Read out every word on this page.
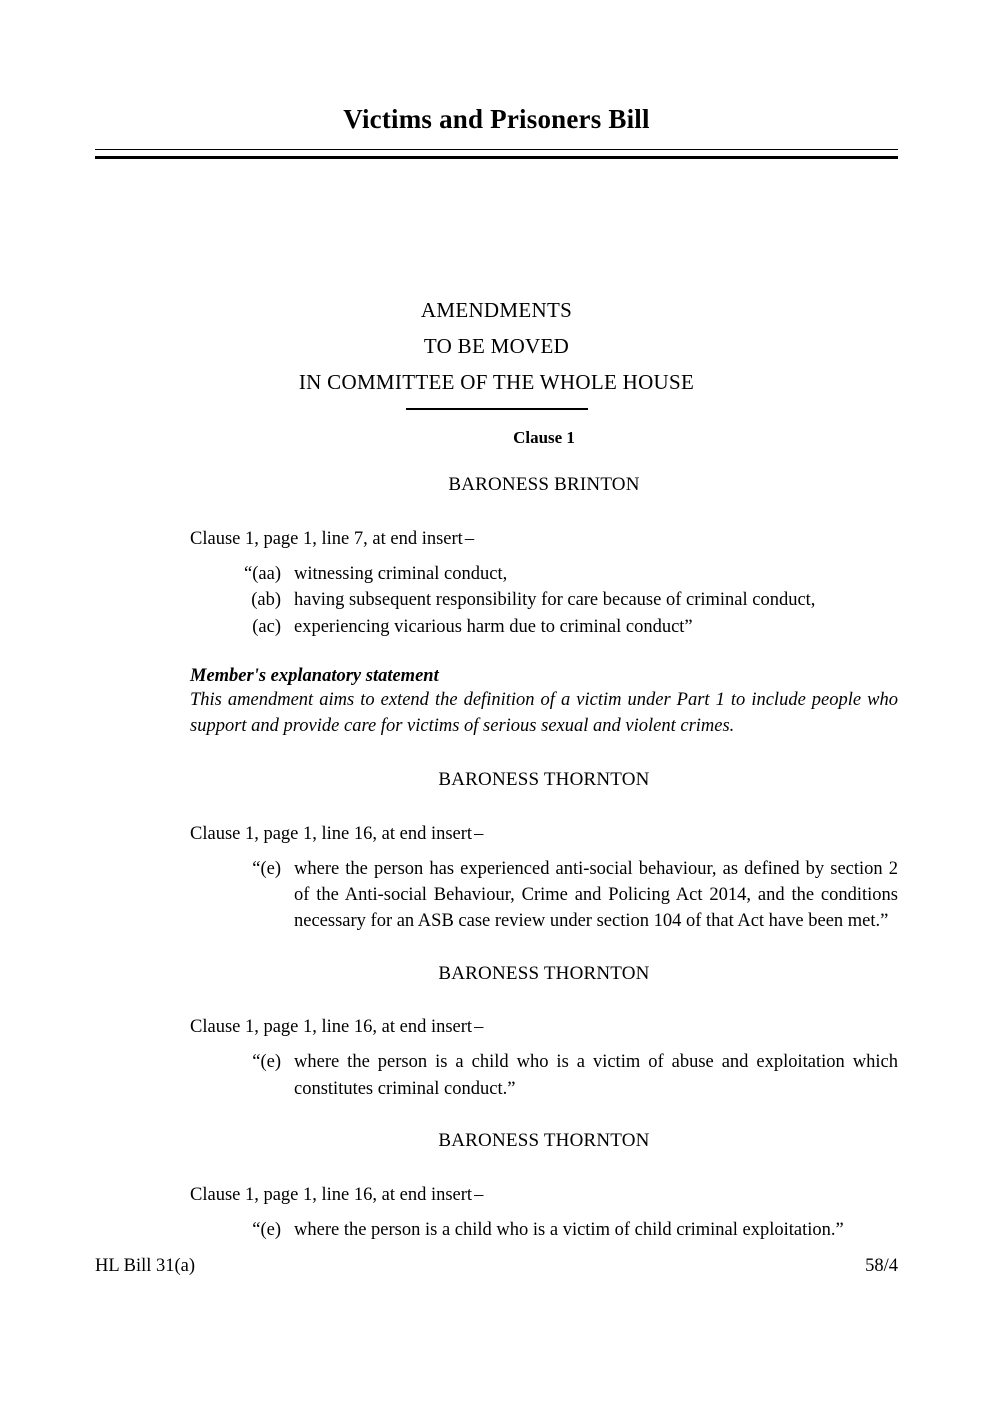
Victims and Prisoners Bill
AMENDMENTS
TO BE MOVED
IN COMMITTEE OF THE WHOLE HOUSE
Clause 1
BARONESS BRINTON
Clause 1, page 1, line 7, at end insert –
“(aa) witnessing criminal conduct,
(ab) having subsequent responsibility for care because of criminal conduct,
(ac) experiencing vicarious harm due to criminal conduct”
Member's explanatory statement
This amendment aims to extend the definition of a victim under Part 1 to include people who support and provide care for victims of serious sexual and violent crimes.
BARONESS THORNTON
Clause 1, page 1, line 16, at end insert –
“(e) where the person has experienced anti-social behaviour, as defined by section 2 of the Anti-social Behaviour, Crime and Policing Act 2014, and the conditions necessary for an ASB case review under section 104 of that Act have been met.”
BARONESS THORNTON
Clause 1, page 1, line 16, at end insert –
“(e) where the person is a child who is a victim of abuse and exploitation which constitutes criminal conduct.”
BARONESS THORNTON
Clause 1, page 1, line 16, at end insert –
“(e) where the person is a child who is a victim of child criminal exploitation.”
HL Bill 31(a)	58/4
